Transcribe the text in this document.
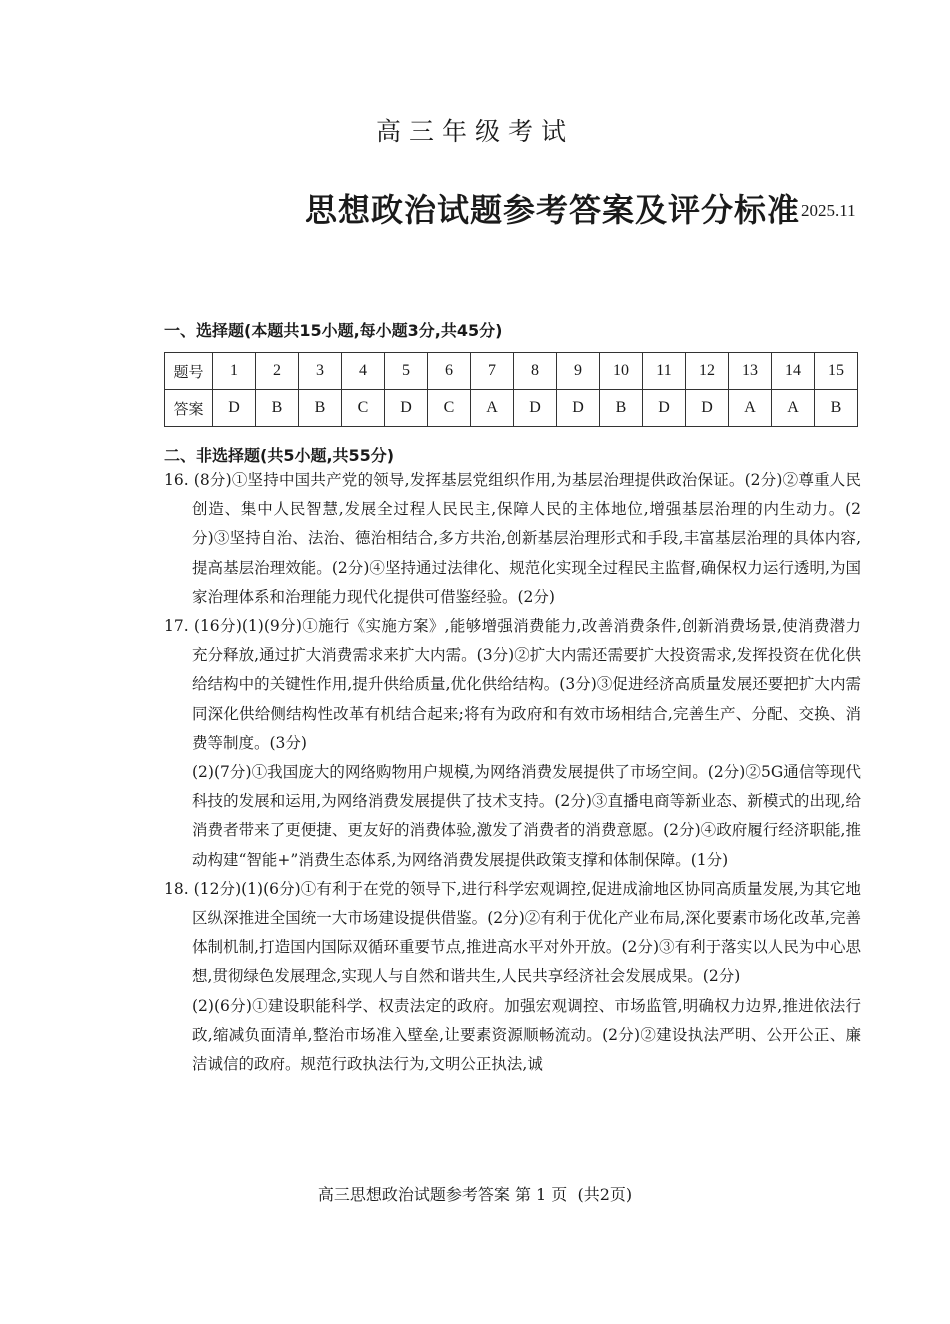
高三年级考试
思想政治试题参考答案及评分标准 2025.11
一、选择题(本题共15小题,每小题3分,共45分)
题号	1	2	3	4	5	6	7	8	9	10	11	12	13	14	15
答案	D	B	B	C	D	C	A	D	D	B	D	D	A	A	B
二、非选择题(共5小题,共55分)

16. (8分)①坚持中国共产党的领导,发挥基层党组织作用,为基层治理提供政治保证。(2分)②尊重人民创造、集中人民智慧,发展全过程人民民主,保障人民的主体地位,增强基层治理的内生动力。(2分)③坚持自治、法治、德治相结合,多方共治,创新基层治理形式和手段,丰富基层治理的具体内容,提高基层治理效能。(2分)④坚持通过法律化、规范化实现全过程民主监督,确保权力运行透明,为国家治理体系和治理能力现代化提供可借鉴经验。(2分)

17. (16分)(1)(9分)①施行《实施方案》,能够增强消费能力,改善消费条件,创新消费场景,使消费潜力充分释放,通过扩大消费需求来扩大内需。(3分)②扩大内需还需要扩大投资需求,发挥投资在优化供给结构中的关键性作用,提升供给质量,优化供给结构。(3分)③促进经济高质量发展还要把扩大内需同深化供给侧结构性改革有机结合起来;将有为政府和有效市场相结合,完善生产、分配、交换、消费等制度。(3分)

(2)(7分)①我国庞大的网络购物用户规模,为网络消费发展提供了市场空间。(2分)②5G通信等现代科技的发展和运用,为网络消费发展提供了技术支持。(2分)③直播电商等新业态、新模式的出现,给消费者带来了更便捷、更友好的消费体验,激发了消费者的消费意愿。(2分)④政府履行经济职能,推动构建“智能+”消费生态体系,为网络消费发展提供政策支撑和体制保障。(1分)

18. (12分)(1)(6分)①有利于在党的领导下,进行科学宏观调控,促进成渝地区协同高质量发展,为其它地区纵深推进全国统一大市场建设提供借鉴。(2分)②有利于优化产业布局,深化要素市场化改革,完善体制机制,打造国内国际双循环重要节点,推进高水平对外开放。(2分)③有利于落实以人民为中心思想,贯彻绿色发展理念,实现人与自然和谐共生,人民共享经济社会发展成果。(2分)

(2)(6分)①建设职能科学、权责法定的政府。加强宏观调控、市场监管,明确权力边界,推进依法行政,缩减负面清单,整治市场准入壁垒,让要素资源顺畅流动。(2分)②建设执法严明、公开公正、廉洁诚信的政府。规范行政执法行为,文明公正执法,诚

高三思想政治试题参考答案 第 1 页  (共2页)
